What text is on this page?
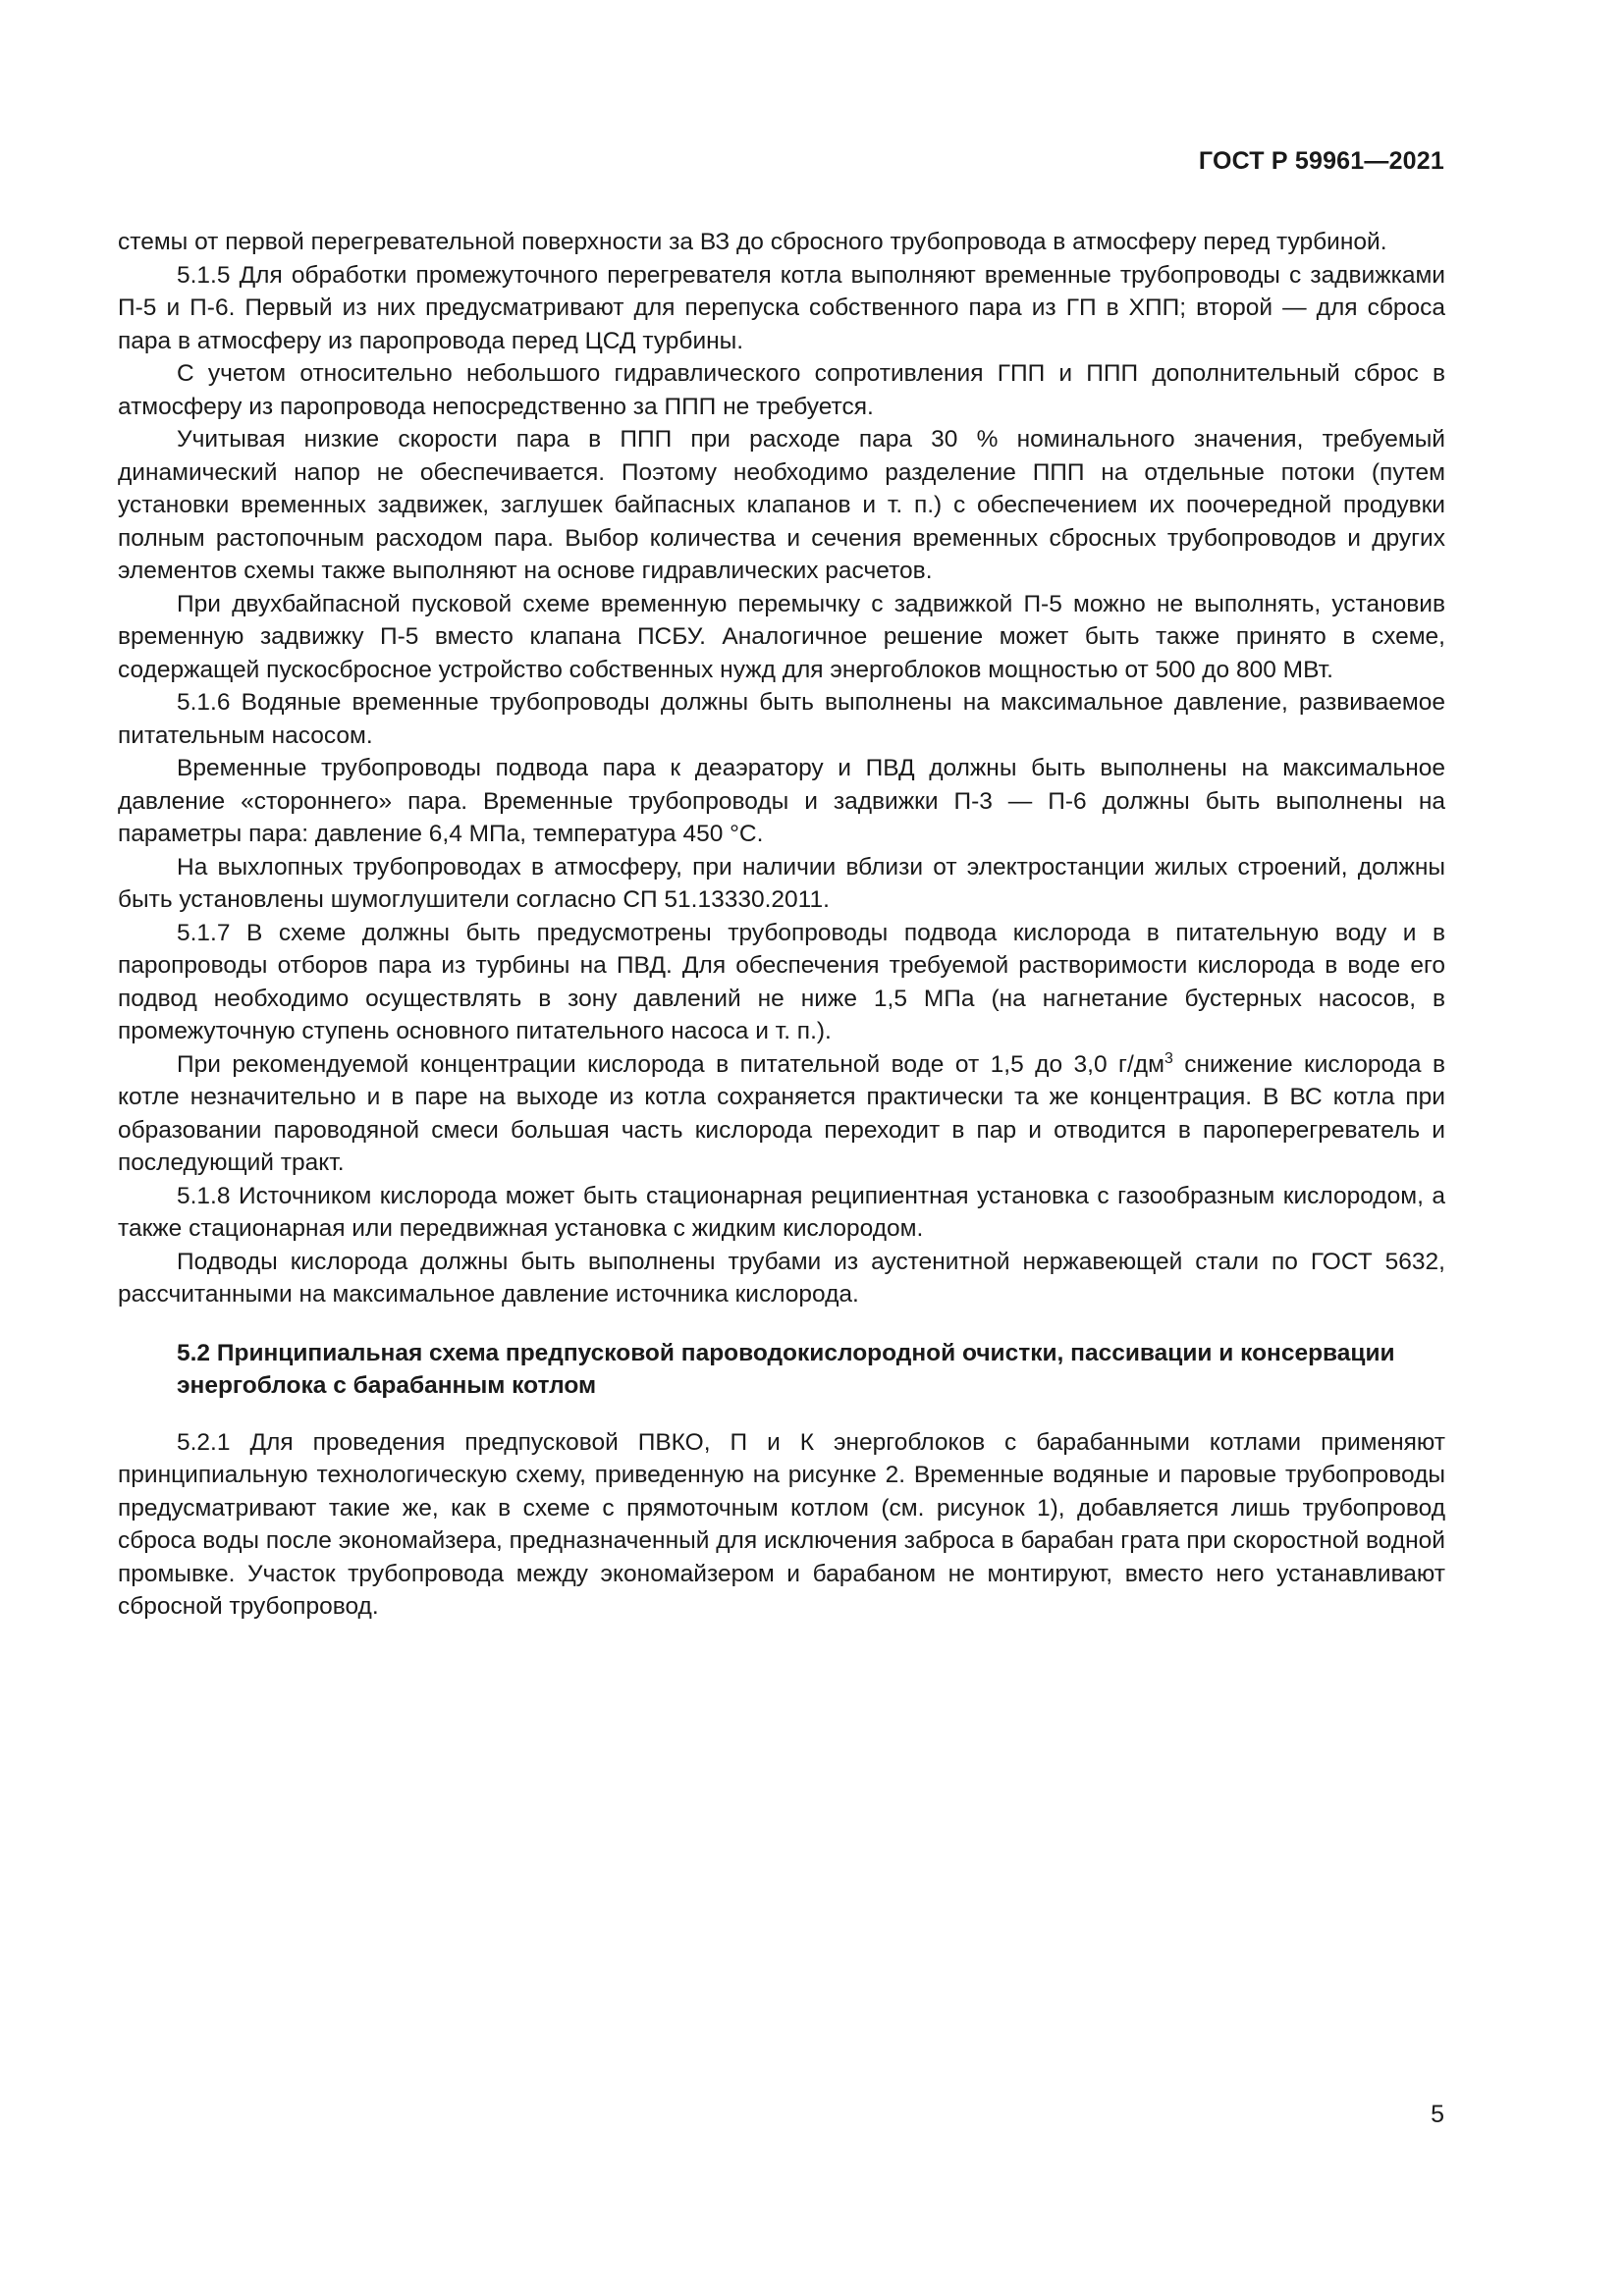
ГОСТ Р 59961—2021

стемы от первой перегревательной поверхности за ВЗ до сбросного трубопровода в атмосферу перед турбиной.

5.1.5 Для обработки промежуточного перегревателя котла выполняют временные трубопроводы с задвижками П-5 и П-6. Первый из них предусматривают для перепуска собственного пара из ГП в ХПП; второй — для сброса пара в атмосферу из паропровода перед ЦСД турбины.

С учетом относительно небольшого гидравлического сопротивления ГПП и ППП дополнительный сброс в атмосферу из паропровода непосредственно за ППП не требуется.

Учитывая низкие скорости пара в ППП при расходе пара 30 % номинального значения, требуемый динамический напор не обеспечивается. Поэтому необходимо разделение ППП на отдельные потоки (путем установки временных задвижек, заглушек байпасных клапанов и т. п.) с обеспечением их поочередной продувки полным растопочным расходом пара. Выбор количества и сечения временных сбросных трубопроводов и других элементов схемы также выполняют на основе гидравлических расчетов.

При двухбайпасной пусковой схеме временную перемычку с задвижкой П-5 можно не выполнять, установив временную задвижку П-5 вместо клапана ПСБУ. Аналогичное решение может быть также принято в схеме, содержащей пускосбросное устройство собственных нужд для энергоблоков мощностью от 500 до 800 МВт.

5.1.6 Водяные временные трубопроводы должны быть выполнены на максимальное давление, развиваемое питательным насосом.

Временные трубопроводы подвода пара к деаэратору и ПВД должны быть выполнены на максимальное давление «стороннего» пара. Временные трубопроводы и задвижки П-3 — П-6 должны быть выполнены на параметры пара: давление 6,4 МПа, температура 450 °С.

На выхлопных трубопроводах в атмосферу, при наличии вблизи от электростанции жилых строений, должны быть установлены шумоглушители согласно СП 51.13330.2011.

5.1.7 В схеме должны быть предусмотрены трубопроводы подвода кислорода в питательную воду и в паропроводы отборов пара из турбины на ПВД. Для обеспечения требуемой растворимости кислорода в воде его подвод необходимо осуществлять в зону давлений не ниже 1,5 МПа (на нагнетание бустерных насосов, в промежуточную ступень основного питательного насоса и т. п.).

При рекомендуемой концентрации кислорода в питательной воде от 1,5 до 3,0 $г/дм^3$ снижение кислорода в котле незначительно и в паре на выходе из котла сохраняется практически та же концентрация. В ВС котла при образовании пароводяной смеси большая часть кислорода переходит в пар и отводится в пароперегреватель и последующий тракт.

5.1.8 Источником кислорода может быть стационарная реципиентная установка с газообразным кислородом, а также стационарная или передвижная установка с жидким кислородом.

Подводы кислорода должны быть выполнены трубами из аустенитной нержавеющей стали по ГОСТ 5632, рассчитанными на максимальное давление источника кислорода.

5.2 Принципиальная схема предпусковой пароводокислородной очистки, пассивации и консервации энергоблока с барабанным котлом

5.2.1 Для проведения предпусковой ПВКО, П и К энергоблоков с барабанными котлами применяют принципиальную технологическую схему, приведенную на рисунке 2. Временные водяные и паровые трубопроводы предусматривают такие же, как в схеме с прямоточным котлом (см. рисунок 1), добавляется лишь трубопровод сброса воды после экономайзера, предназначенный для исключения заброса в барабан грата при скоростной водной промывке. Участок трубопровода между экономайзером и барабаном не монтируют, вместо него устанавливают сбросной трубопровод.

5
